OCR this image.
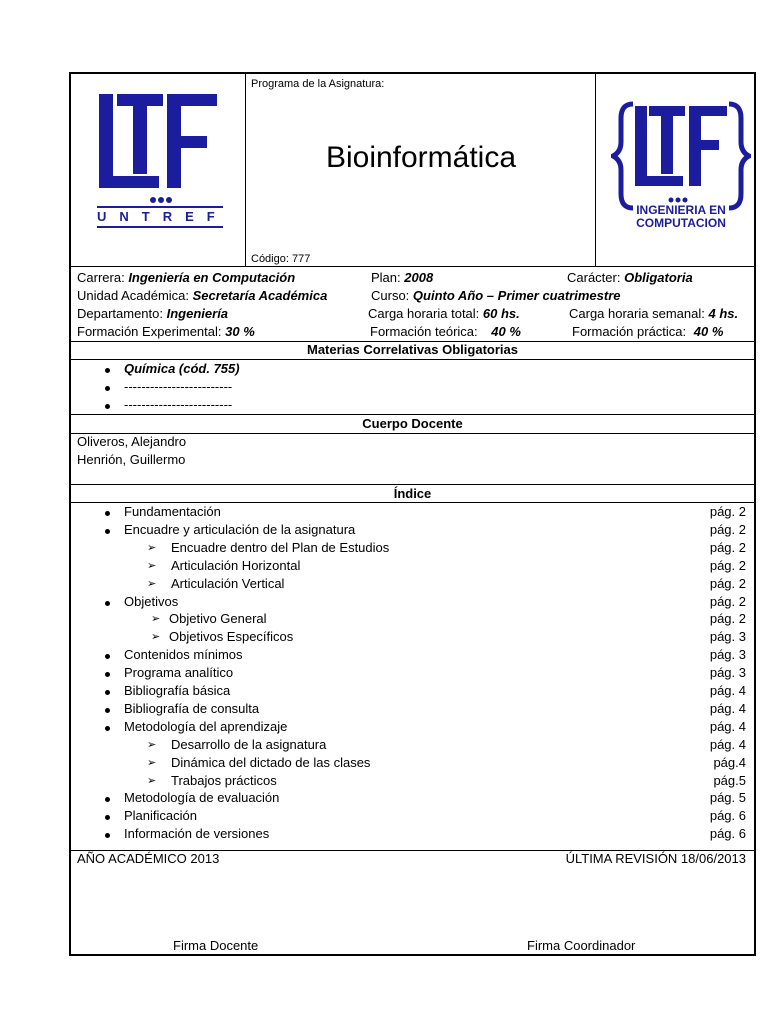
UNTREF
Programa de la Asignatura:
Bioinformática
Código: 777
INGENIERIA EN
COMPUTACION
Carrera: Ingeniería en Computación	Plan: 2008	Carácter: Obligatoria
Unidad Académica: Secretaría Académica	Curso: Quinto Año – Primer cuatrimestre
Departamento: Ingeniería	Carga horaria total: 60 hs.	Carga horaria semanal: 4 hs.
Formación Experimental: 30 %	Formación teórica: 40 %	Formación práctica: 40 %
Materias Correlativas Obligatorias
Química (cód. 755)
-------------------------
-------------------------
Cuerpo Docente
Oliveros, Alejandro
Henrión, Guillermo
Índice
Fundamentación	pág. 2
Encuadre y articulación de la asignatura	pág. 2
➢ Encuadre dentro del Plan de Estudios	pág. 2
➢ Articulación Horizontal	pág. 2
➢ Articulación Vertical	pág. 2
Objetivos	pág. 2
➢ Objetivo General	pág. 2
➢ Objetivos Específicos	pág. 3
Contenidos mínimos	pág. 3
Programa analítico	pág. 3
Bibliografía básica	pág. 4
Bibliografía de consulta	pág. 4
Metodología del aprendizaje	pág. 4
➢ Desarrollo de la asignatura	pág. 4
➢ Dinámica del dictado de las clases	pág.4
➢ Trabajos prácticos	pág.5
Metodología de evaluación	pág. 5
Planificación	pág. 6
Información de versiones	pág. 6
AÑO ACADÉMICO 2013	ÚLTIMA REVISIÓN 18/06/2013
Firma Docente	Firma Coordinador
